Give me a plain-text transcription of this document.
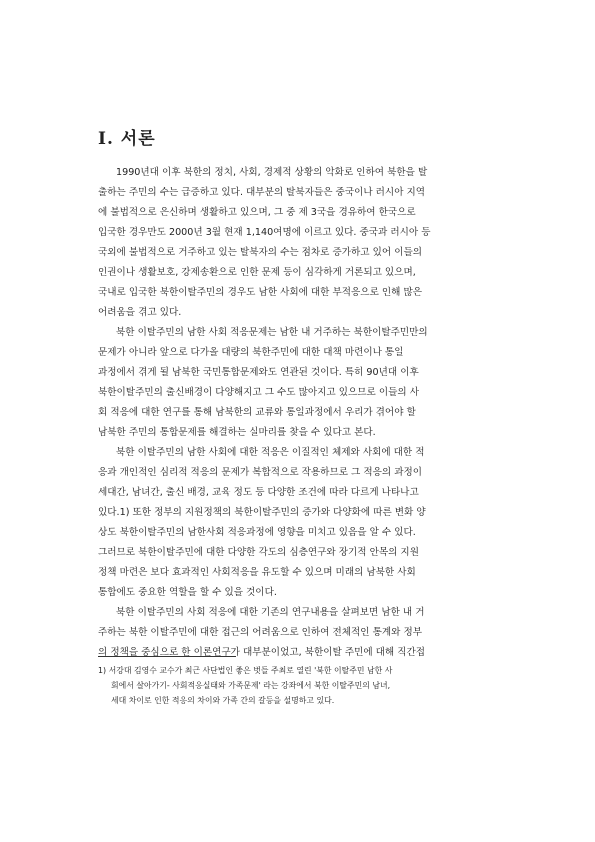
Ⅰ. 서론
1990년대 이후 북한의 정치, 사회, 경제적 상황의 악화로 인하여 북한을 탈
출하는 주민의 수는 급증하고 있다. 대부분의 탈북자들은 중국이나 러시아 지역
에 불법적으로 은신하며 생활하고 있으며, 그 중 제 3국을 경유하여 한국으로
입국한 경우만도 2000년 3월 현재 1,140여명에 이르고 있다. 중국과 러시아 등
국외에 불법적으로 거주하고 있는 탈북자의 수는 점차로 증가하고 있어 이들의
인권이나 생활보호, 강제송환으로 인한 문제 등이 심각하게 거론되고 있으며,
국내로 입국한 북한이탈주민의 경우도 남한 사회에 대한 부적응으로 인해 많은
어려움을 겪고 있다.
북한 이탈주민의 남한 사회 적응문제는 남한 내 거주하는 북한이탈주민만의
문제가 아니라 앞으로 다가올 대량의 북한주민에 대한 대책 마련이나 통일
과정에서 겪게 될 남북한 국민통합문제와도 연관된 것이다. 특히 90년대 이후
북한이탈주민의 출신배경이 다양해지고 그 수도 많아지고 있으므로 이들의 사
회 적응에 대한 연구를 통해 남북한의 교류와 통일과정에서 우리가 겪어야 할
남북한 주민의 통합문제를 해결하는 실마리를 찾을 수 있다고 본다.
북한 이탈주민의 남한 사회에 대한 적응은 이질적인 체제와 사회에 대한 적
응과 개인적인 심리적 적응의 문제가 복합적으로 작용하므로 그 적응의 과정이
세대간, 남녀간, 출신 배경, 교육 정도 등 다양한 조건에 따라 다르게 나타나고
있다.1) 또한 정부의 지원정책의 북한이탈주민의 증가와 다양화에 따른 변화 양
상도 북한이탈주민의 남한사회 적응과정에 영향을 미치고 있음을 알 수 있다.
그러므로 북한이탈주민에 대한 다양한 각도의 심층연구와 장기적 안목의 지원
정책 마련은 보다 효과적인 사회적응을 유도할 수 있으며 미래의 남북한 사회
통합에도 중요한 역할을 할 수 있을 것이다.
북한 이탈주민의 사회 적응에 대한 기존의 연구내용을 살펴보면 남한 내 거
주하는 북한 이탈주민에 대한 접근의 어려움으로 인하여 전체적인 통계와 정부
의 정책을 중심으로 한 이론연구가 대부분이었고, 북한이탈 주민에 대해 직간접
1) 서강대 김영수 교수가 최근 사단법인 좋은 벗들 주최로 열린 '북한 이탈주민 남한 사
회에서 살아가기- 사회적응실태와 가족문제' 라는 강좌에서 북한 이탈주민의 남녀,
세대 차이로 인한 적응의 차이와 가족 간의 갈등을 설명하고 있다.
